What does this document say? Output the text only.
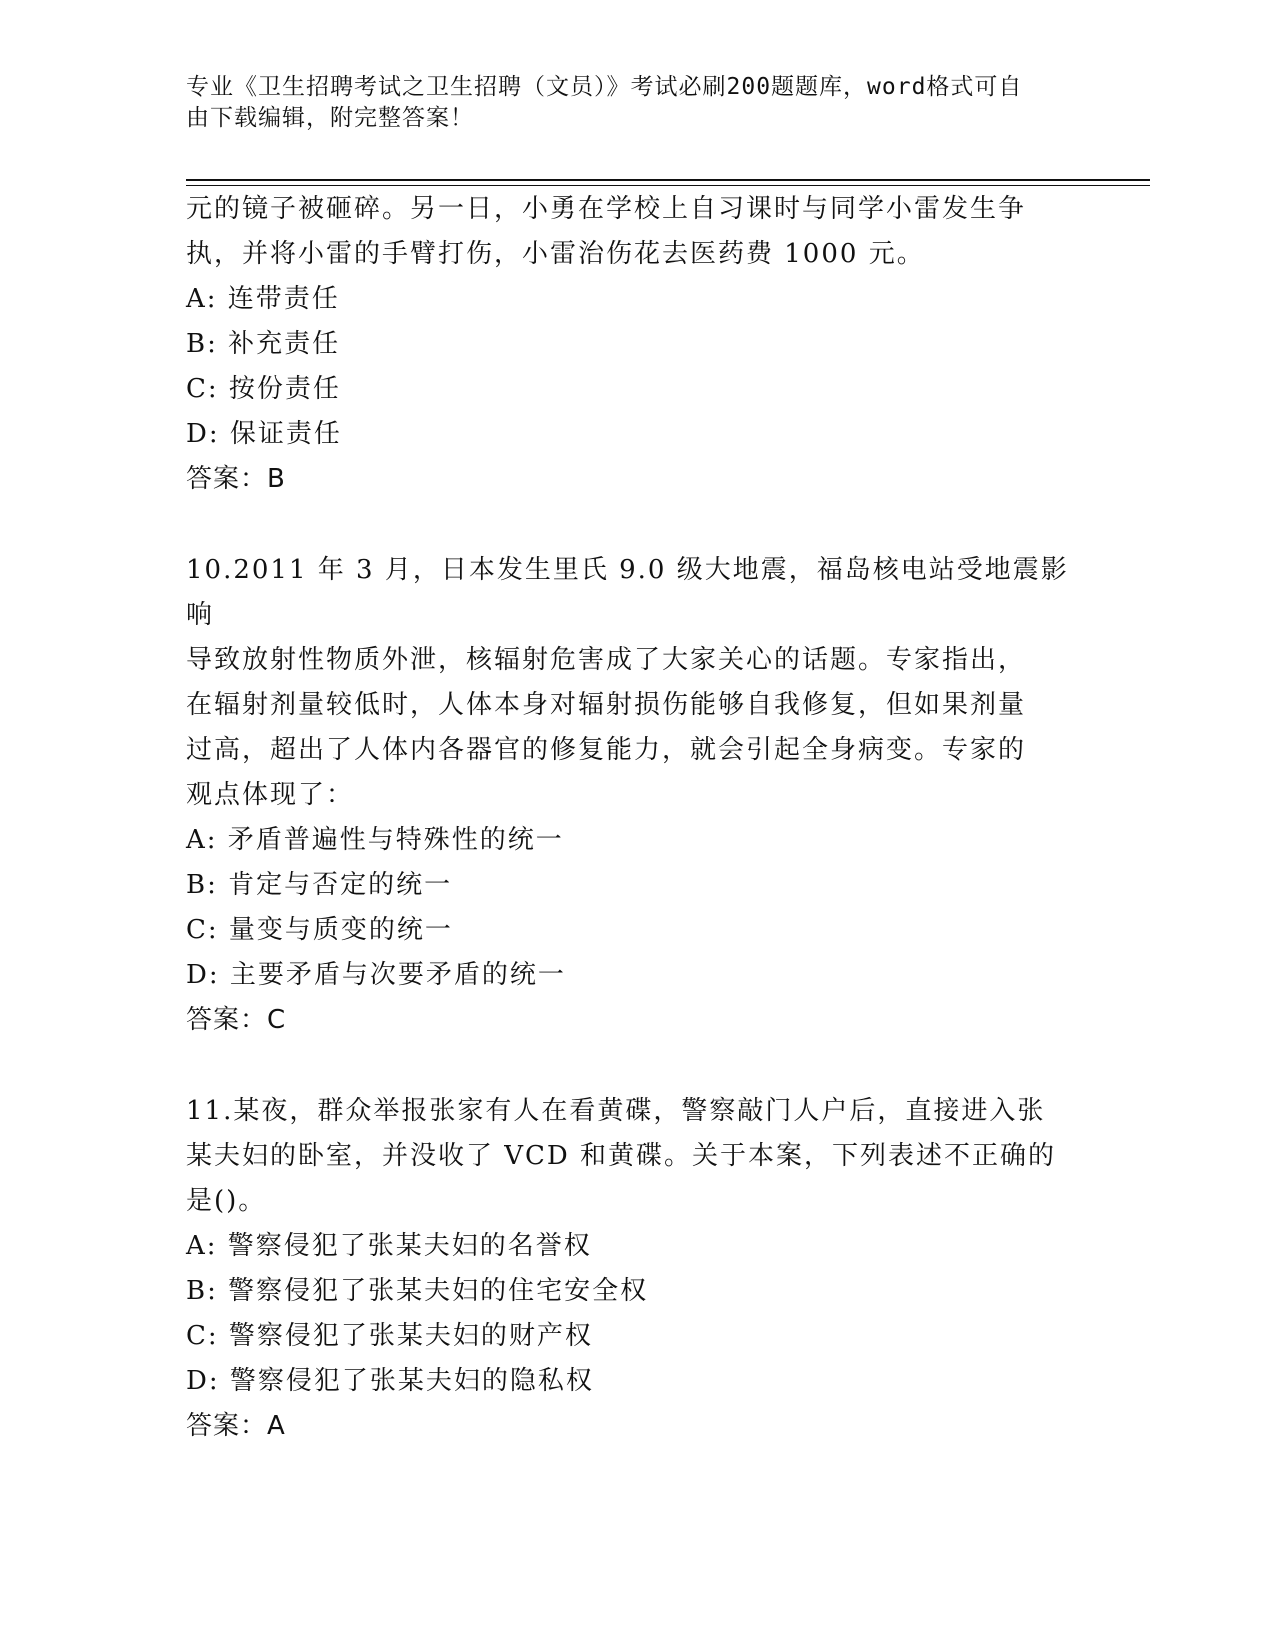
专业《卫生招聘考试之卫生招聘（文员）》考试必刷200题题库，word格式可自
由下载编辑，附完整答案！

元的镜子被砸碎。另一日，小勇在学校上自习课时与同学小雷发生争

执，并将小雷的手臂打伤，小雷治伤花去医药费 1000 元。

A: 连带责任

B: 补充责任

C: 按份责任

D: 保证责任

答案：B

10.2011 年 3 月，日本发生里氏 9.0 级大地震，福岛核电站受地震影响

导致放射性物质外泄，核辐射危害成了大家关心的话题。专家指出，

在辐射剂量较低时，人体本身对辐射损伤能够自我修复，但如果剂量

过高，超出了人体内各器官的修复能力，就会引起全身病变。专家的

观点体现了：

A: 矛盾普遍性与特殊性的统一

B: 肯定与否定的统一

C: 量变与质变的统一

D: 主要矛盾与次要矛盾的统一

答案：C

11.某夜，群众举报张家有人在看黄碟，警察敲门人户后，直接进入张

某夫妇的卧室，并没收了 VCD 和黄碟。关于本案，下列表述不正确的

是()。

A: 警察侵犯了张某夫妇的名誉权

B: 警察侵犯了张某夫妇的住宅安全权

C: 警察侵犯了张某夫妇的财产权

D: 警察侵犯了张某夫妇的隐私权

答案：A
